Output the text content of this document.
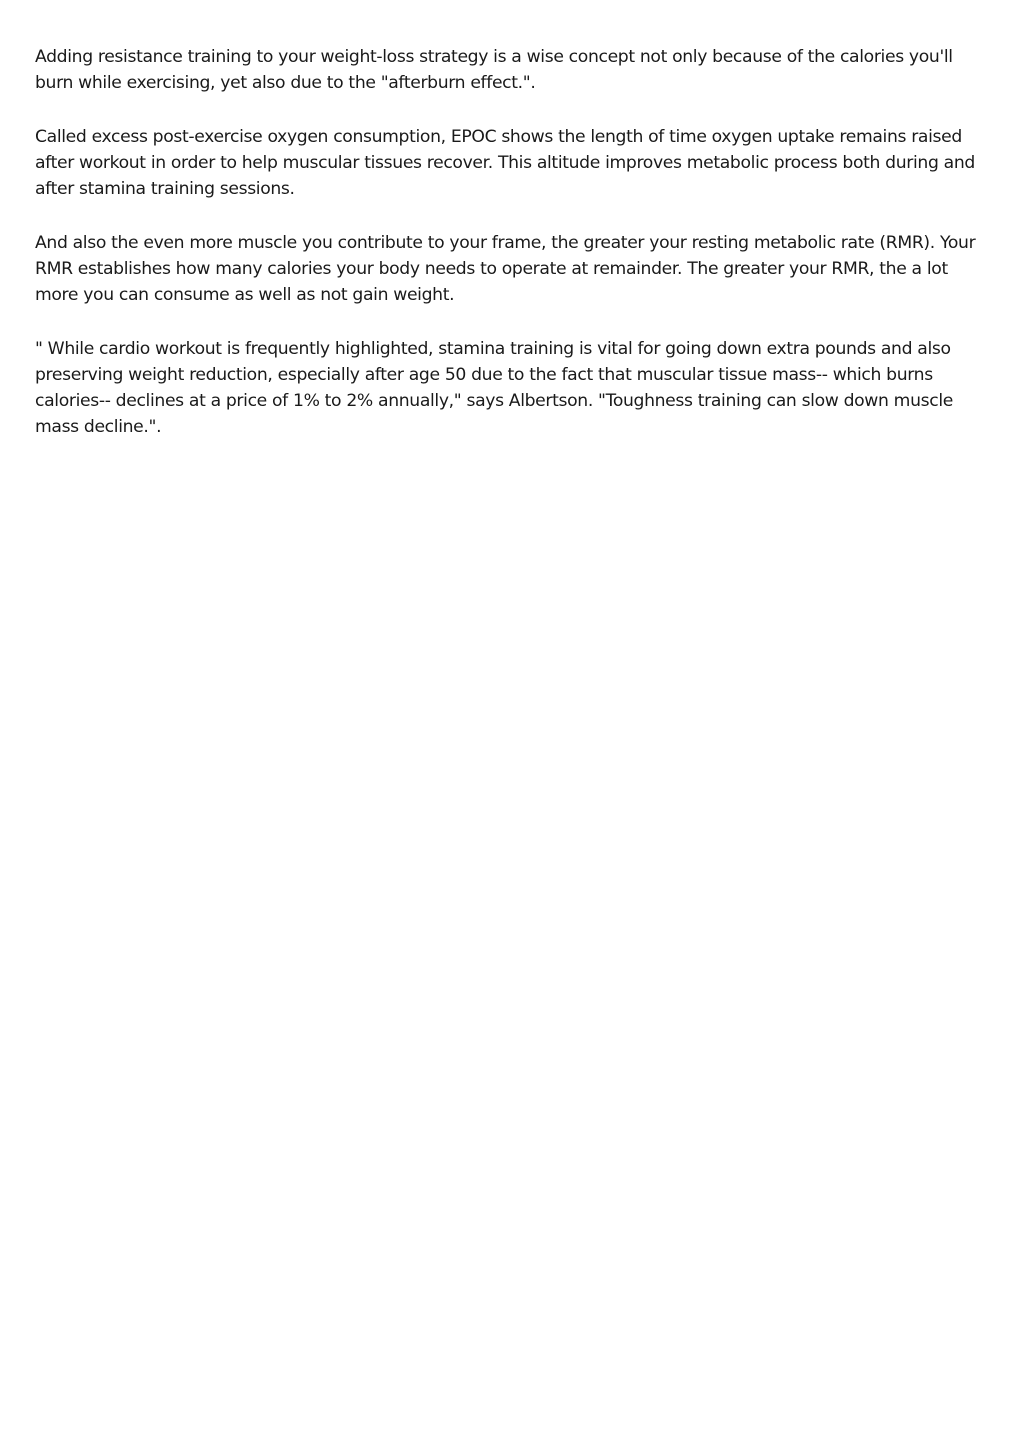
Adding resistance training to your weight-loss strategy is a wise concept not only because of the calories you'll burn while exercising, yet also due to the "afterburn effect.".

Called excess post-exercise oxygen consumption, EPOC shows the length of time oxygen uptake remains raised after workout in order to help muscular tissues recover. This altitude improves metabolic process both during and after stamina training sessions.

And also the even more muscle you contribute to your frame, the greater your resting metabolic rate (RMR). Your RMR establishes how many calories your body needs to operate at remainder. The greater your RMR, the a lot more you can consume as well as not gain weight.

" While cardio workout is frequently highlighted, stamina training is vital for going down extra pounds and also preserving weight reduction, especially after age 50 due to the fact that muscular tissue mass-- which burns calories-- declines at a price of 1% to 2% annually," says Albertson. "Toughness training can slow down muscle mass decline.".
